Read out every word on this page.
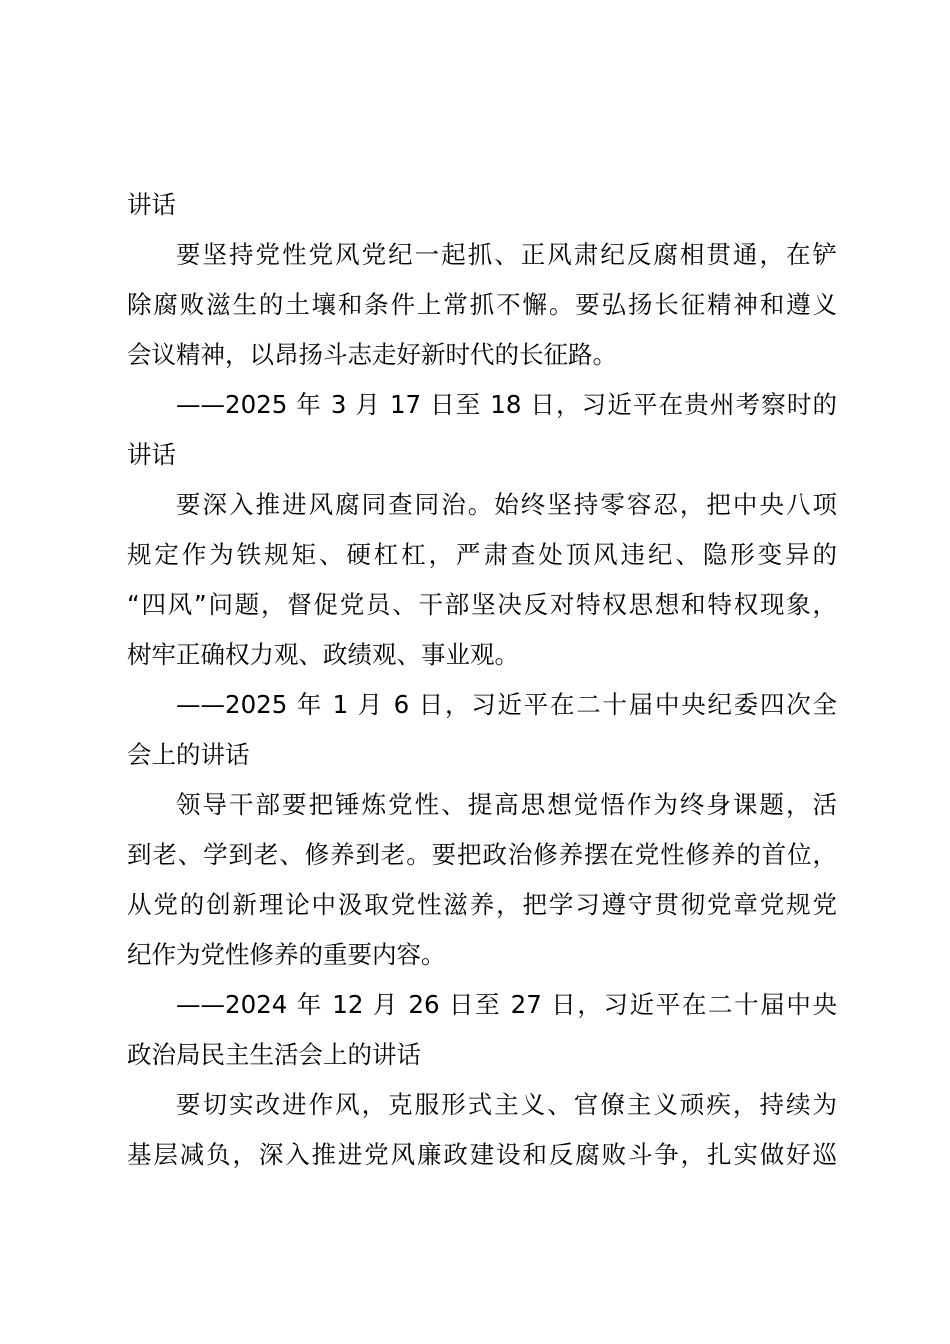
讲话
要坚持党性党风党纪一起抓、正风肃纪反腐相贯通，在铲
除腐败滋生的土壤和条件上常抓不懈。要弘扬长征精神和遵义
会议精神，以昂扬斗志走好新时代的长征路。
——2025 年 3 月 17 日至 18 日，习近平在贵州考察时的
讲话
要深入推进风腐同查同治。始终坚持零容忍，把中央八项
规定作为铁规矩、硬杠杠，严肃查处顶风违纪、隐形变异的
“四风”问题，督促党员、干部坚决反对特权思想和特权现象，
树牢正确权力观、政绩观、事业观。
——2025 年 1 月 6 日，习近平在二十届中央纪委四次全
会上的讲话
领导干部要把锤炼党性、提高思想觉悟作为终身课题，活
到老、学到老、修养到老。要把政治修养摆在党性修养的首位，
从党的创新理论中汲取党性滋养，把学习遵守贯彻党章党规党
纪作为党性修养的重要内容。
——2024 年 12 月 26 日至 27 日，习近平在二十届中央
政治局民主生活会上的讲话
要切实改进作风，克服形式主义、官僚主义顽疾，持续为
基层减负，深入推进党风廉政建设和反腐败斗争，扎实做好巡
